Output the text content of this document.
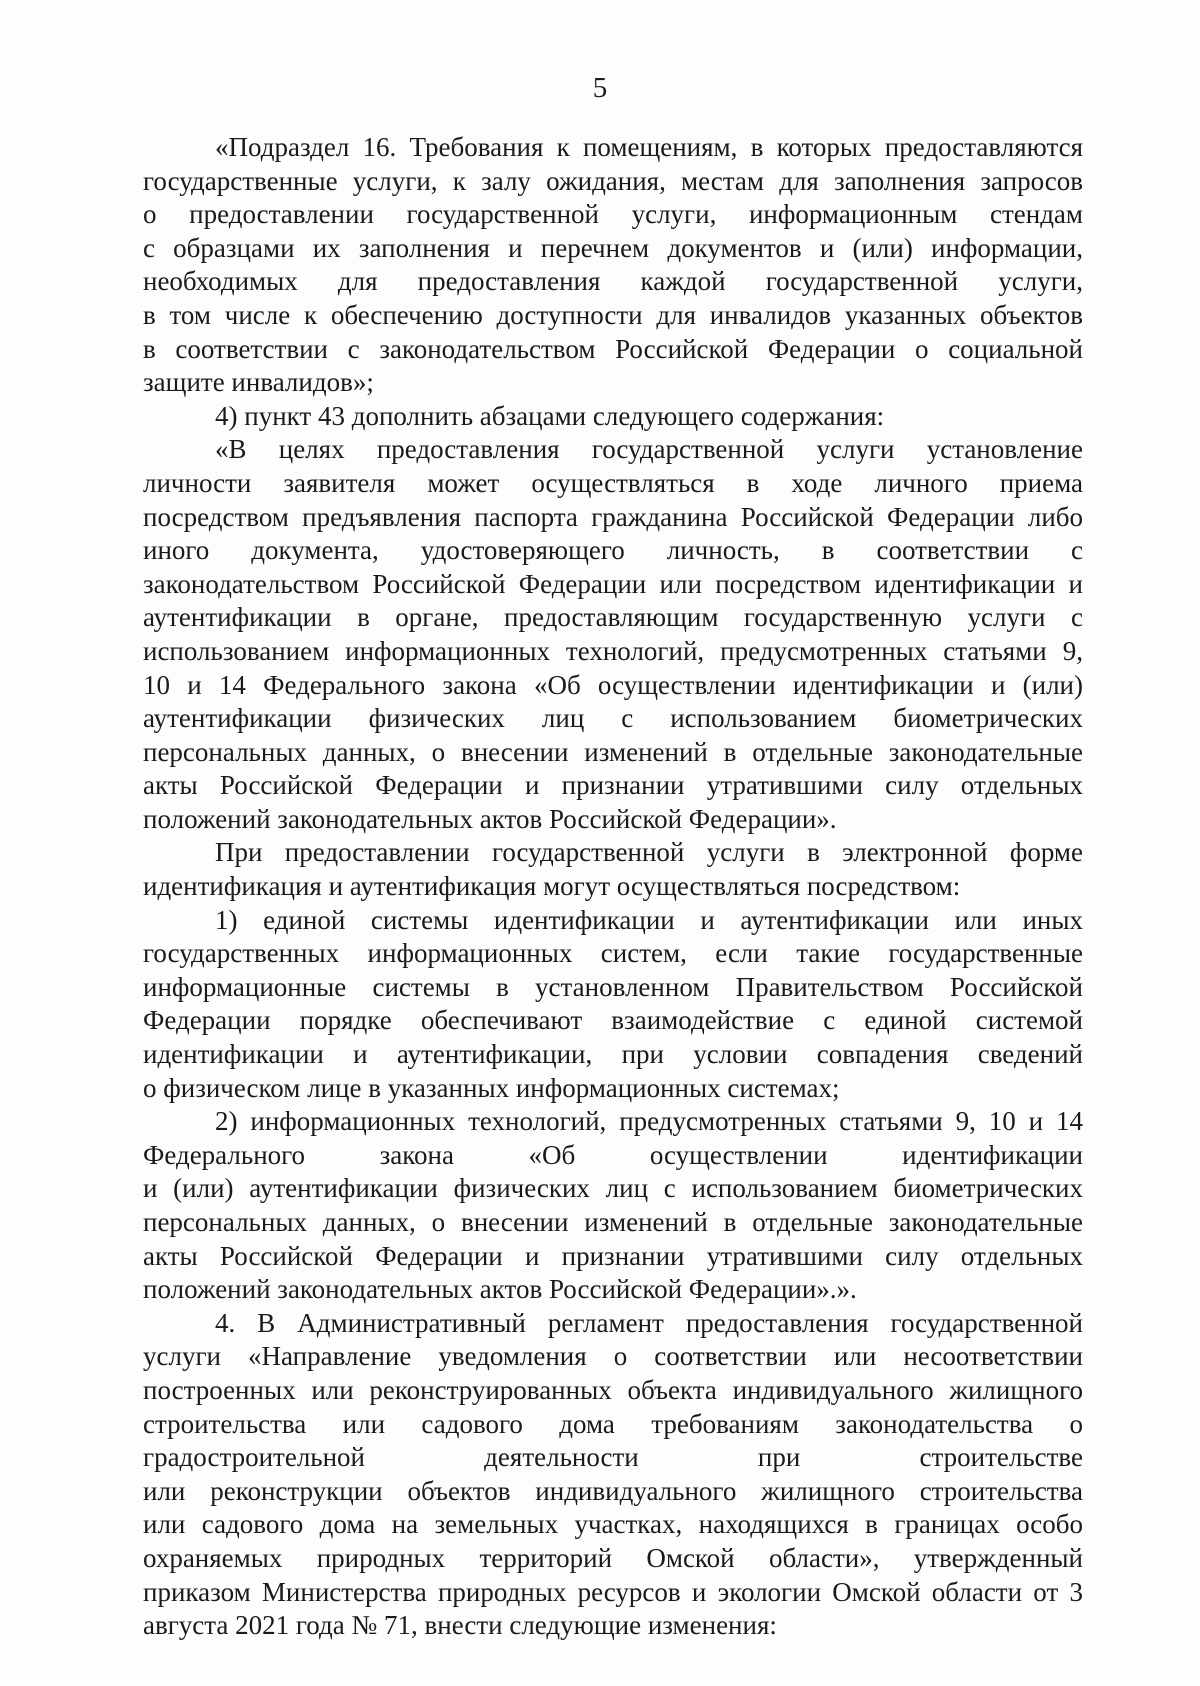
5
«Подраздел 16. Требования к помещениям, в которых предоставляются
государственные услуги, к залу ожидания, местам для заполнения запросов
о предоставлении государственной услуги, информационным стендам
с образцами их заполнения и перечнем документов и (или) информации,
необходимых для предоставления каждой государственной услуги,
в том числе к обеспечению доступности для инвалидов указанных объектов
в соответствии с законодательством Российской Федерации о социальной
защите инвалидов»;
4) пункт 43 дополнить абзацами следующего содержания:
«В целях предоставления государственной услуги установление
личности заявителя может осуществляться в ходе личного приема
посредством предъявления паспорта гражданина Российской Федерации либо
иного документа, удостоверяющего личность, в соответствии с
законодательством Российской Федерации или посредством идентификации и
аутентификации в органе, предоставляющим государственную услуги с
использованием информационных технологий, предусмотренных статьями 9,
10 и 14 Федерального закона «Об осуществлении идентификации и (или)
аутентификации физических лиц с использованием биометрических
персональных данных, о внесении изменений в отдельные законодательные
акты Российской Федерации и признании утратившими силу отдельных
положений законодательных актов Российской Федерации».
При предоставлении государственной услуги в электронной форме
идентификация и аутентификация могут осуществляться посредством:
1) единой системы идентификации и аутентификации или иных
государственных информационных систем, если такие государственные
информационные системы в установленном Правительством Российской
Федерации порядке обеспечивают взаимодействие с единой системой
идентификации и аутентификации, при условии совпадения сведений
о физическом лице в указанных информационных системах;
2) информационных технологий, предусмотренных статьями 9, 10 и 14
Федерального закона «Об осуществлении идентификации
и (или) аутентификации физических лиц с использованием биометрических
персональных данных, о внесении изменений в отдельные законодательные
акты Российской Федерации и признании утратившими силу отдельных
положений законодательных актов Российской Федерации».».
4. В Административный регламент предоставления государственной
услуги «Направление уведомления о соответствии или несоответствии
построенных или реконструированных объекта индивидуального жилищного
строительства или садового дома требованиям законодательства о
градостроительной деятельности при строительстве
или реконструкции объектов индивидуального жилищного строительства
или садового дома на земельных участках, находящихся в границах особо
охраняемых природных территорий Омской области», утвержденный
приказом Министерства природных ресурсов и экологии Омской области от 3
августа 2021 года № 71, внести следующие изменения:
